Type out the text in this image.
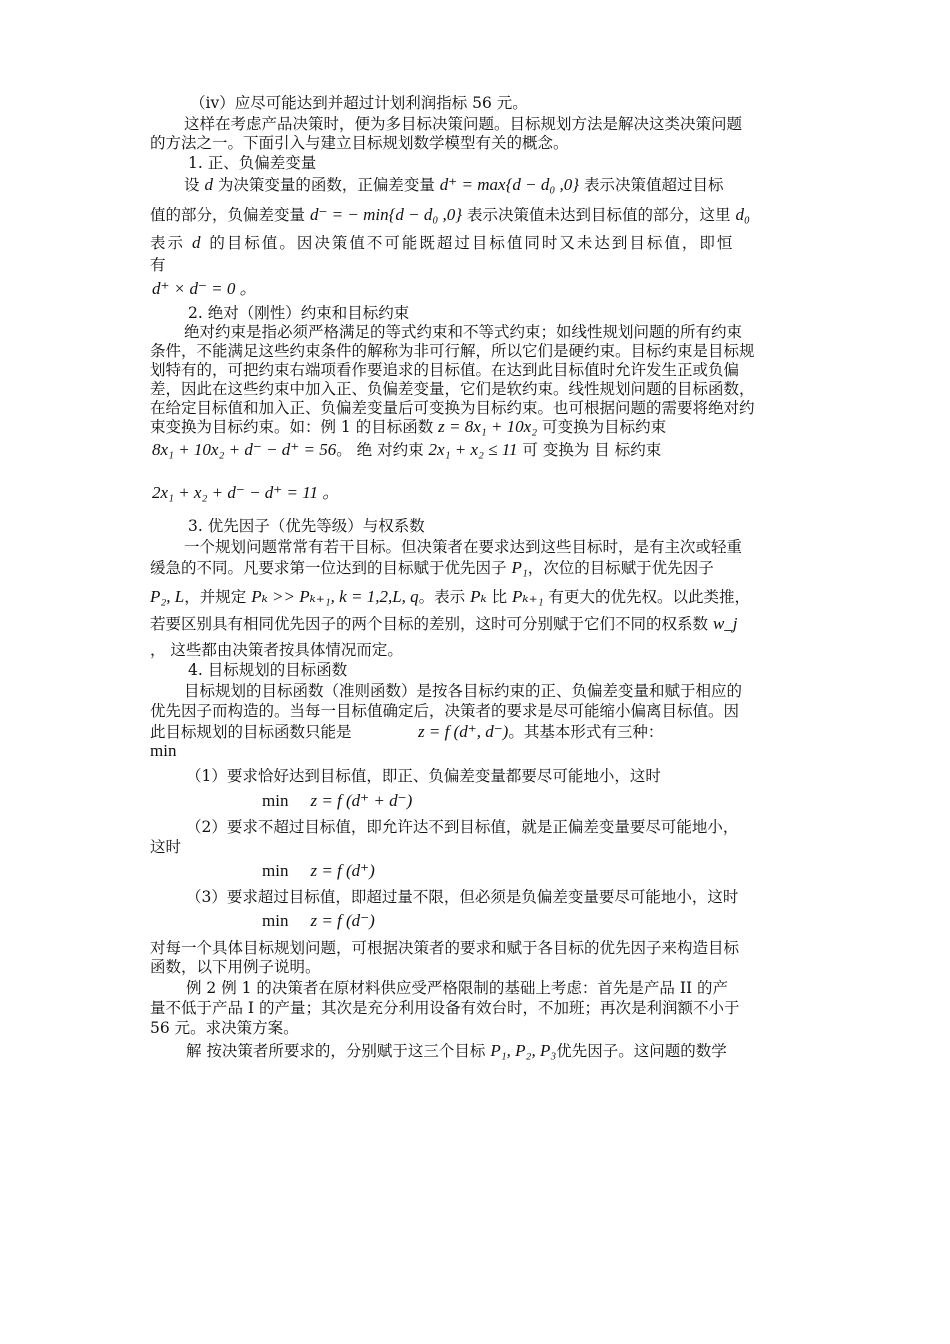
（iv）应尽可能达到并超过计划利润指标 56 元。
这样在考虑产品决策时，便为多目标决策问题。目标规划方法是解决这类决策问题
的方法之一。下面引入与建立目标规划数学模型有关的概念。
1. 正、负偏差变量
设 d 为决策变量的函数，正偏差变量 d⁺ = max{d − d₀ ,0} 表示决策值超过目标
值的部分，负偏差变量 d⁻ = − min{d − d₀ ,0} 表示决策值未达到目标值的部分，这里 d₀
表示 d 的目标值。因决策值不可能既超过目标值同时又未达到目标值，即恒
有
d⁺ × d⁻ = 0 。
2. 绝对（刚性）约束和目标约束
绝对约束是指必须严格满足的等式约束和不等式约束；如线性规划问题的所有约束
条件，不能满足这些约束条件的解称为非可行解，所以它们是硬约束。目标约束是目标规
划特有的，可把约束右端项看作要追求的目标值。在达到此目标值时允许发生正或负偏
差，因此在这些约束中加入正、负偏差变量，它们是软约束。线性规划问题的目标函数，
在给定目标值和加入正、负偏差变量后可变换为目标约束。也可根据问题的需要将绝对约
束变换为目标约束。如：例 1 的目标函数 z = 8x₁ + 10x₂ 可变换为目标约束
8x₁ + 10x₂ + d⁻ − d⁺ = 56。 绝 对约束 2x₁ + x₂ ≤ 11 可 变换为 目 标约束
2x₁ + x₂ + d⁻ − d⁺ = 11 。
3. 优先因子（优先等级）与权系数
一个规划问题常常有若干目标。但决策者在要求达到这些目标时，是有主次或轻重
缓急的不同。凡要求第一位达到的目标赋于优先因子 P₁，次位的目标赋于优先因子
P₂, L，并规定 Pₖ >> Pₖ₊₁, k = 1,2,L, q。表示 Pₖ 比 Pₖ₊₁ 有更大的优先权。以此类推，
若要区别具有相同优先因子的两个目标的差别，这时可分别赋于它们不同的权系数 w_j
， 这些都由决策者按具体情况而定。
4. 目标规划的目标函数
目标规划的目标函数（准则函数）是按各目标约束的正、负偏差变量和赋于相应的
优先因子而构造的。当每一目标值确定后，决策者的要求是尽可能缩小偏离目标值。因
此目标规划的目标函数只能是	z = f (d⁺, d⁻)。其基本形式有三种：
min
（1）要求恰好达到目标值，即正、负偏差变量都要尽可能地小，这时
min z = f (d⁺ + d⁻)
（2）要求不超过目标值，即允许达不到目标值，就是正偏差变量要尽可能地小，
这时
min z = f (d⁺)
（3）要求超过目标值，即超过量不限，但必须是负偏差变量要尽可能地小，这时
min z = f (d⁻)
对每一个具体目标规划问题，可根据决策者的要求和赋于各目标的优先因子来构造目标
函数，以下用例子说明。
例 2 例 1 的决策者在原材料供应受严格限制的基础上考虑：首先是产品 II 的产
量不低于产品 I 的产量；其次是充分利用设备有效台时，不加班；再次是利润额不小于
56 元。求决策方案。
解 按决策者所要求的，分别赋于这三个目标 P₁, P₂, P₃优先因子。这问题的数学
